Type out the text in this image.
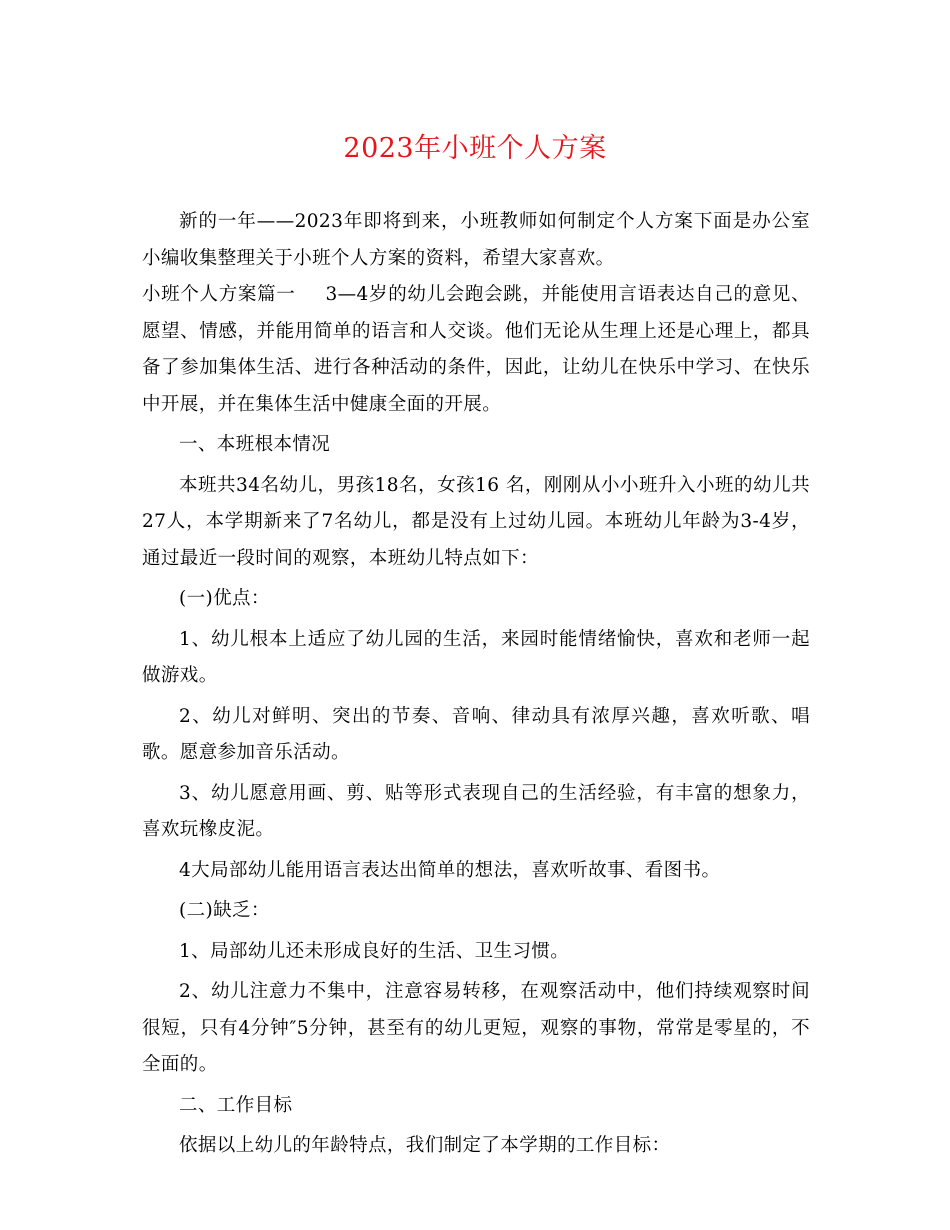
2023年小班个人方案

新的一年——2023年即将到来，小班教师如何制定个人方案下面是办公室小编收集整理关于小班个人方案的资料，希望大家喜欢。

小班个人方案篇一 3—4岁的幼儿会跑会跳，并能使用言语表达自己的意见、愿望、情感，并能用简单的语言和人交谈。他们无论从生理上还是心理上，都具备了参加集体生活、进行各种活动的条件，因此，让幼儿在快乐中学习、在快乐中开展，并在集体生活中健康全面的开展。

一、本班根本情况

本班共34名幼儿，男孩18名，女孩16 名，刚刚从小小班升入小班的幼儿共27人，本学期新来了7名幼儿，都是没有上过幼儿园。本班幼儿年龄为3-4岁，通过最近一段时间的观察，本班幼儿特点如下：

(一)优点：

1、幼儿根本上适应了幼儿园的生活，来园时能情绪愉快，喜欢和老师一起做游戏。

2、幼儿对鲜明、突出的节奏、音响、律动具有浓厚兴趣，喜欢听歌、唱歌。愿意参加音乐活动。

3、幼儿愿意用画、剪、贴等形式表现自己的生活经验，有丰富的想象力，喜欢玩橡皮泥。

4大局部幼儿能用语言表达出简单的想法，喜欢听故事、看图书。

(二)缺乏：

1、局部幼儿还未形成良好的生活、卫生习惯。

2、幼儿注意力不集中，注意容易转移，在观察活动中，他们持续观察时间很短，只有4分钟″5分钟，甚至有的幼儿更短，观察的事物，常常是零星的，不全面的。

二、工作目标

依据以上幼儿的年龄特点，我们制定了本学期的工作目标：
